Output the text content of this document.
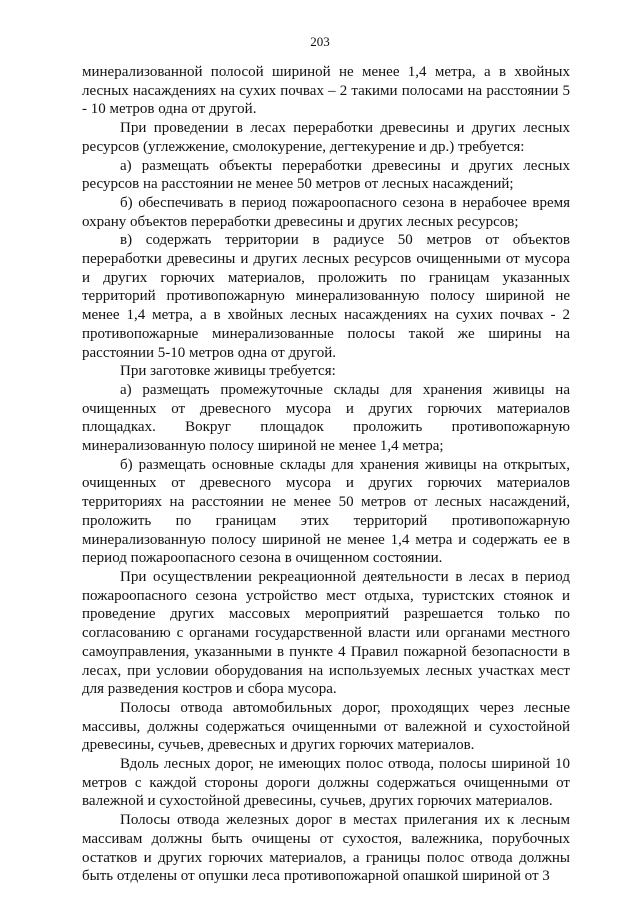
203

минерализованной полосой шириной не менее 1,4 метра, а в хвойных лесных насаждениях на сухих почвах – 2 такими полосами на расстоянии 5 - 10 метров одна от другой.

При проведении в лесах переработки древесины и других лесных ресурсов (углежжение, смолокурение, дегтекурение и др.) требуется:

а) размещать объекты переработки древесины и других лесных ресурсов на расстоянии не менее 50 метров от лесных насаждений;

б) обеспечивать в период пожароопасного сезона в нерабочее время охрану объектов переработки древесины и других лесных ресурсов;

в) содержать территории в радиусе 50 метров от объектов переработки древесины и других лесных ресурсов очищенными от мусора и других горючих материалов, проложить по границам указанных территорий противопожарную минерализованную полосу шириной не менее 1,4 метра, а в хвойных лесных насаждениях на сухих почвах - 2 противопожарные минерализованные полосы такой же ширины на расстоянии 5-10 метров одна от другой.

При заготовке живицы требуется:

а) размещать промежуточные склады для хранения живицы на очищенных от древесного мусора и других горючих материалов площадках. Вокруг площадок проложить противопожарную минерализованную полосу шириной не менее 1,4 метра;

б) размещать основные склады для хранения живицы на открытых, очищенных от древесного мусора и других горючих материалов территориях на расстоянии не менее 50 метров от лесных насаждений, проложить по границам этих территорий противопожарную минерализованную полосу шириной не менее 1,4 метра и содержать ее в период пожароопасного сезона в очищенном состоянии.

При осуществлении рекреационной деятельности в лесах в период пожароопасного сезона устройство мест отдыха, туристских стоянок и проведение других массовых мероприятий разрешается только по согласованию с органами государственной власти или органами местного самоуправления, указанными в пункте 4 Правил пожарной безопасности в лесах, при условии оборудования на используемых лесных участках мест для разведения костров и сбора мусора.

Полосы отвода автомобильных дорог, проходящих через лесные массивы, должны содержаться очищенными от валежной и сухостойной древесины, сучьев, древесных и других горючих материалов.

Вдоль лесных дорог, не имеющих полос отвода, полосы шириной 10 метров с каждой стороны дороги должны содержаться очищенными от валежной и сухостойной древесины, сучьев, других горючих материалов.

Полосы отвода железных дорог в местах прилегания их к лесным массивам должны быть очищены от сухостоя, валежника, порубочных остатков и других горючих материалов, а границы полос отвода должны быть отделены от опушки леса противопожарной опашкой шириной от 3
